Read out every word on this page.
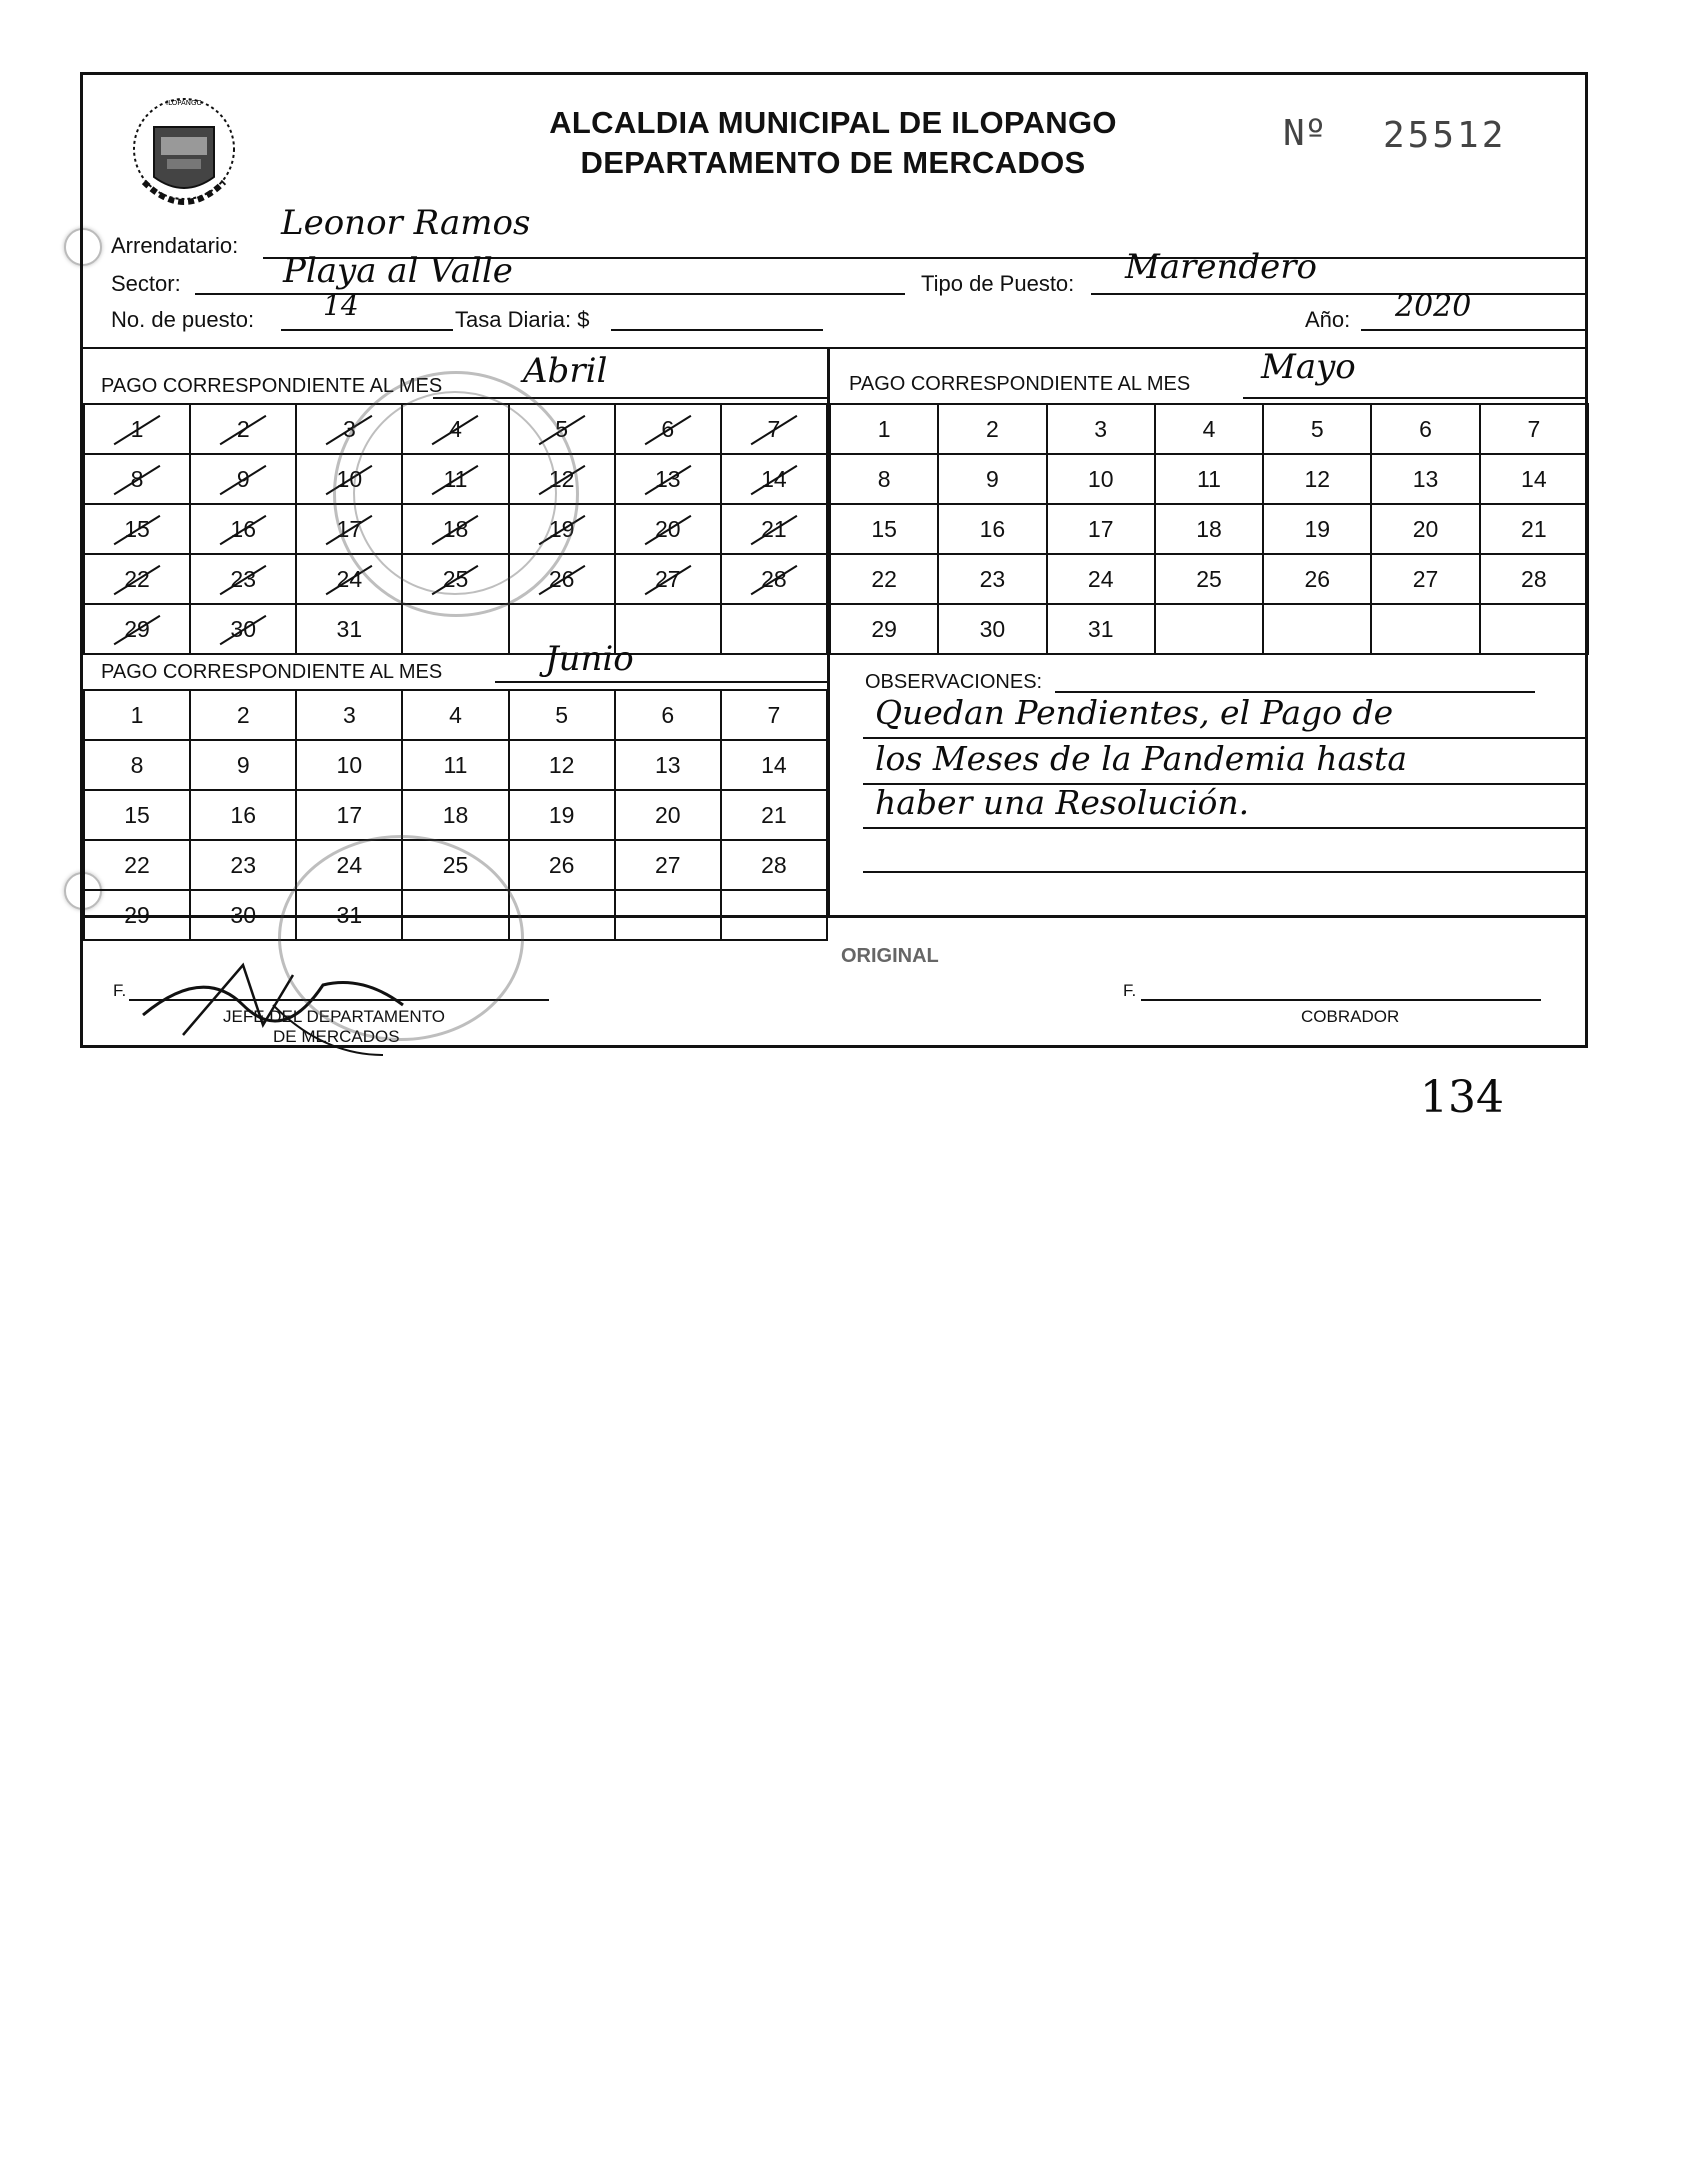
ILOPANGO
ALCALDIA MUNICIPAL DE ILOPANGO
DEPARTAMENTO DE MERCADOS
Nº 25512
Arrendatario:
Leonor Ramos
Sector:	Playa al Valle	Tipo de Puesto: Marendero
No. de puesto: 14	Tasa Diaria: $	Año: 2020
PAGO CORRESPONDIENTE AL MES Abril	PAGO CORRESPONDIENTE AL MES Mayo
1	2	3	4	5	6	7
8	9	10	11	12	13	14
15	16	17	18	19	20	21
22	23	24	25	26	27	28
29	30	31				
1	2	3	4	5	6	7
8	9	10	11	12	13	14
15	16	17	18	19	20	21
22	23	24	25	26	27	28
29	30	31				
PAGO CORRESPONDIENTE AL MES	Junio
1	2	3	4	5	6	7
8	9	10	11	12	13	14
15	16	17	18	19	20	21
22	23	24	25	26	27	28
29	30	31				
OBSERVACIONES:
Quedan Pendientes, el Pago de
los Meses de la Pandemia hasta
haber una Resolución.
ORIGINAL
F.
JEFE DEL DEPARTAMENTO
DE MERCADOS
F.
COBRADOR
134
